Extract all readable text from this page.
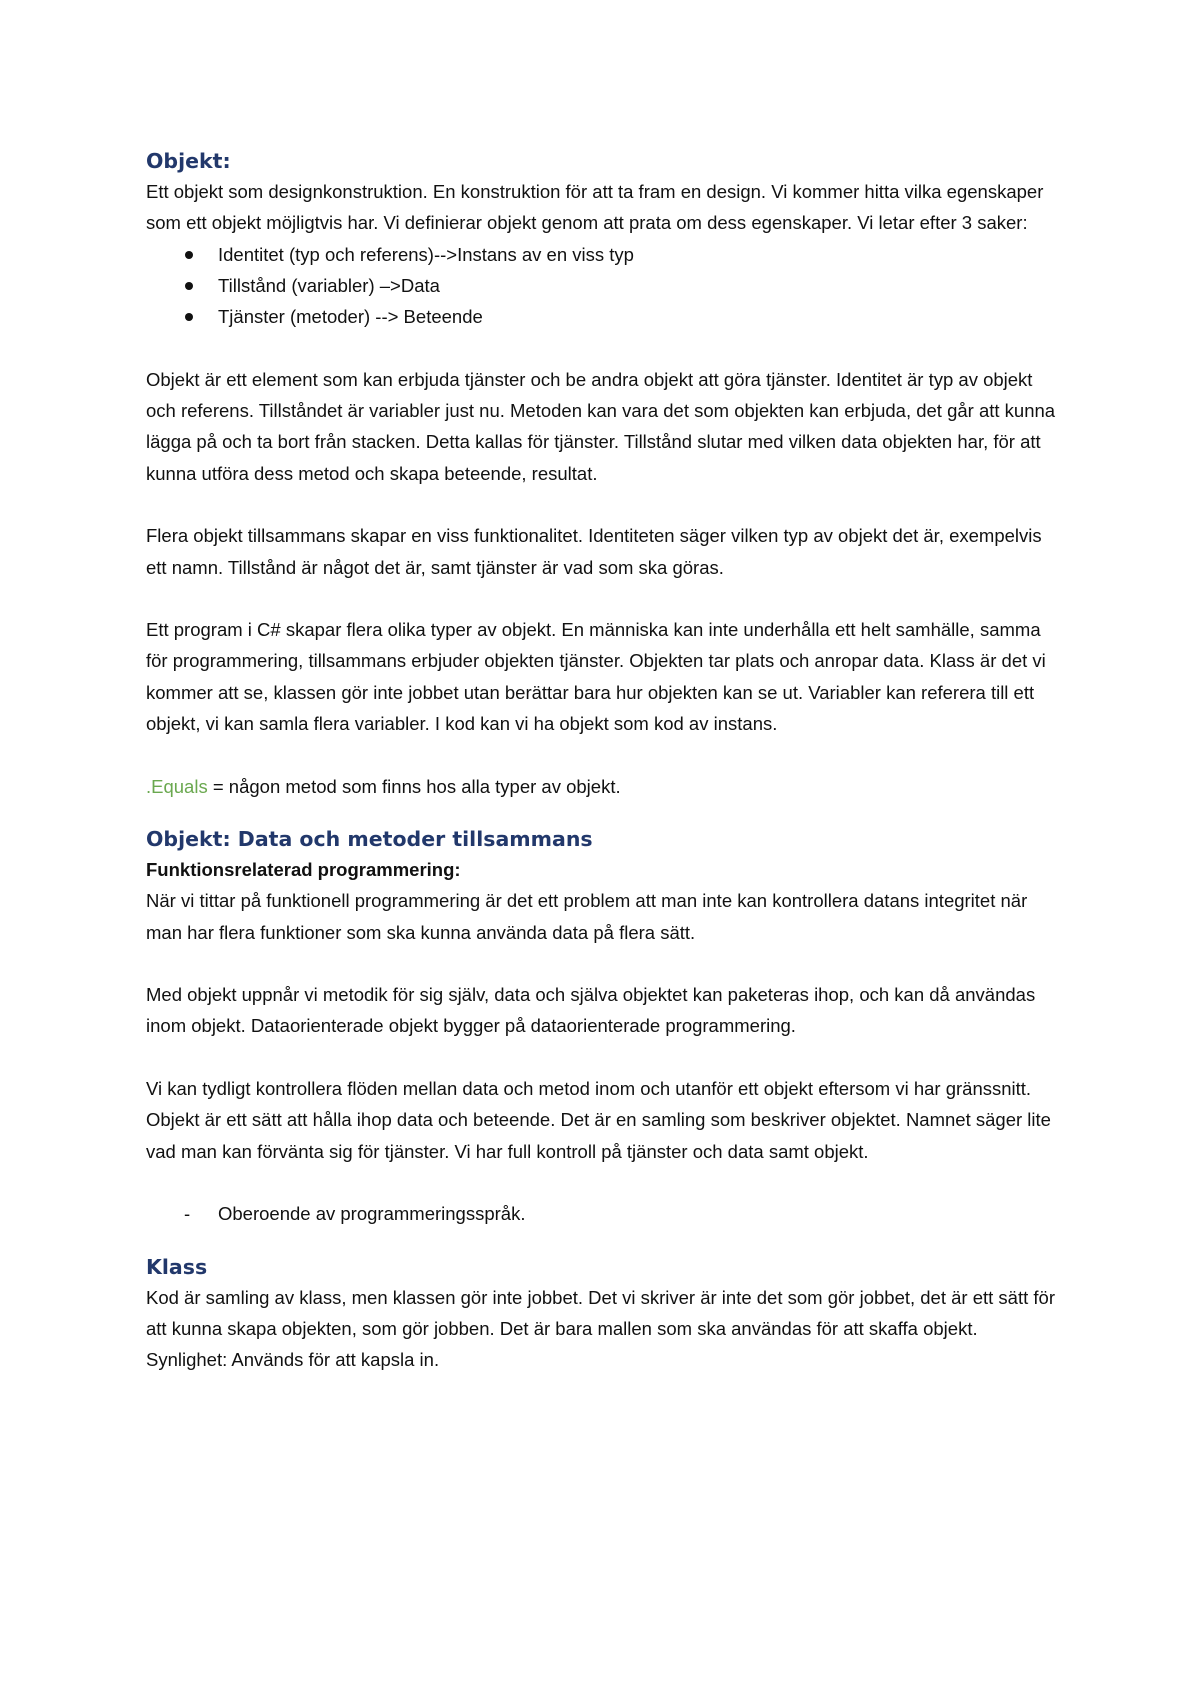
Objekt:

Ett objekt som designkonstruktion. En konstruktion för att ta fram en design. Vi kommer hitta vilka egenskaper som ett objekt möjligtvis har. Vi definierar objekt genom att prata om dess egenskaper. Vi letar efter 3 saker:

Identitet (typ och referens)-->Instans av en viss typ
Tillstånd (variabler) –>Data
Tjänster (metoder) --> Beteende

Objekt är ett element som kan erbjuda tjänster och be andra objekt att göra tjänster. Identitet är typ av objekt och referens. Tillståndet är variabler just nu. Metoden kan vara det som objekten kan erbjuda, det går att kunna lägga på och ta bort från stacken. Detta kallas för tjänster. Tillstånd slutar med vilken data objekten har, för att kunna utföra dess metod och skapa beteende, resultat.

Flera objekt tillsammans skapar en viss funktionalitet. Identiteten säger vilken typ av objekt det är, exempelvis ett namn. Tillstånd är något det är, samt tjänster är vad som ska göras.

Ett program i C# skapar flera olika typer av objekt. En människa kan inte underhålla ett helt samhälle, samma för programmering, tillsammans erbjuder objekten tjänster. Objekten tar plats och anropar data. Klass är det vi kommer att se, klassen gör inte jobbet utan berättar bara hur objekten kan se ut. Variabler kan referera till ett objekt, vi kan samla flera variabler. I kod kan vi ha objekt som kod av instans.

.Equals = någon metod som finns hos alla typer av objekt.

Objekt: Data och metoder tillsammans

Funktionsrelaterad programmering:

När vi tittar på funktionell programmering är det ett problem att man inte kan kontrollera datans integritet när man har flera funktioner som ska kunna använda data på flera sätt.

Med objekt uppnår vi metodik för sig själv, data och själva objektet kan paketeras ihop, och kan då användas inom objekt. Dataorienterade objekt bygger på dataorienterade programmering.

Vi kan tydligt kontrollera flöden mellan data och metod inom och utanför ett objekt eftersom vi har gränssnitt. Objekt är ett sätt att hålla ihop data och beteende. Det är en samling som beskriver objektet. Namnet säger lite vad man kan förvänta sig för tjänster. Vi har full kontroll på tjänster och data samt objekt.

- Oberoende av programmeringsspråk.
Klass

Kod är samling av klass, men klassen gör inte jobbet. Det vi skriver är inte det som gör jobbet, det är ett sätt för att kunna skapa objekten, som gör jobben. Det är bara mallen som ska användas för att skaffa objekt.

Synlighet: Används för att kapsla in.
